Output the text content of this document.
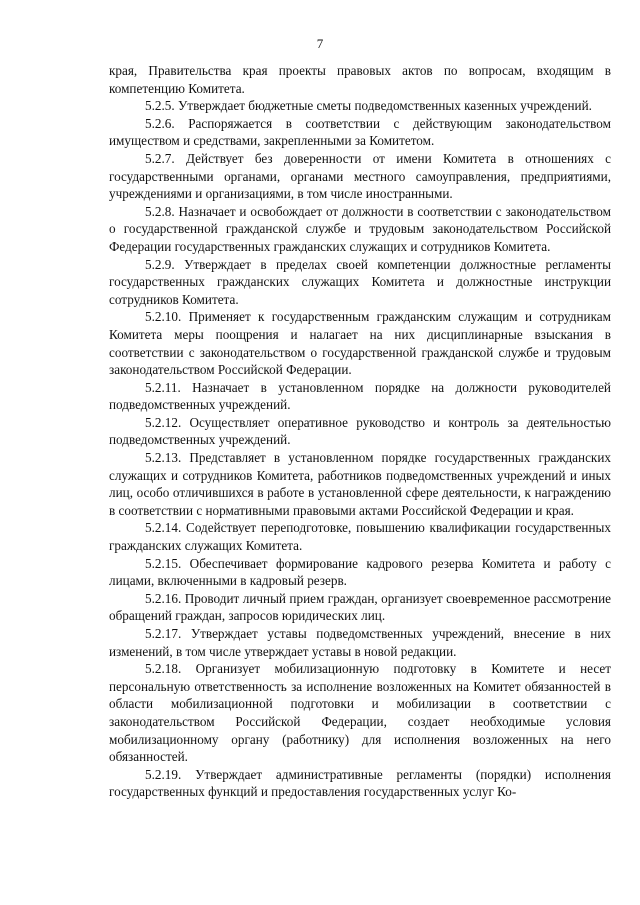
7

края, Правительства края проекты правовых актов по вопросам, входящим в компетенцию Комитета.

5.2.5. Утверждает бюджетные сметы подведомственных казенных учреждений.

5.2.6. Распоряжается в соответствии с действующим законодательством имуществом и средствами, закрепленными за Комитетом.

5.2.7. Действует без доверенности от имени Комитета в отношениях с государственными органами, органами местного самоуправления, предприятиями, учреждениями и организациями, в том числе иностранными.

5.2.8. Назначает и освобождает от должности в соответствии с законодательством о государственной гражданской службе и трудовым законодательством Российской Федерации государственных гражданских служащих и сотрудников Комитета.

5.2.9. Утверждает в пределах своей компетенции должностные регламенты государственных гражданских служащих Комитета и должностные инструкции сотрудников Комитета.

5.2.10. Применяет к государственным гражданским служащим и сотрудникам Комитета меры поощрения и налагает на них дисциплинарные взыскания в соответствии с законодательством о государственной гражданской службе и трудовым законодательством Российской Федерации.

5.2.11. Назначает в установленном порядке на должности руководителей подведомственных учреждений.

5.2.12. Осуществляет оперативное руководство и контроль за деятельностью подведомственных учреждений.

5.2.13. Представляет в установленном порядке государственных гражданских служащих и сотрудников Комитета, работников подведомственных учреждений и иных лиц, особо отличившихся в работе в установленной сфере деятельности, к награждению в соответствии с нормативными правовыми актами Российской Федерации и края.

5.2.14. Содействует переподготовке, повышению квалификации государственных гражданских служащих Комитета.

5.2.15. Обеспечивает формирование кадрового резерва Комитета и работу с лицами, включенными в кадровый резерв.

5.2.16. Проводит личный прием граждан, организует своевременное рассмотрение обращений граждан, запросов юридических лиц.

5.2.17. Утверждает уставы подведомственных учреждений, внесение в них изменений, в том числе утверждает уставы в новой редакции.

5.2.18. Организует мобилизационную подготовку в Комитете и несет персональную ответственность за исполнение возложенных на Комитет обязанностей в области мобилизационной подготовки и мобилизации в соответствии с законодательством Российской Федерации, создает необходимые условия мобилизационному органу (работнику) для исполнения возложенных на него обязанностей.

5.2.19. Утверждает административные регламенты (порядки) исполнения государственных функций и предоставления государственных услуг Ко-
